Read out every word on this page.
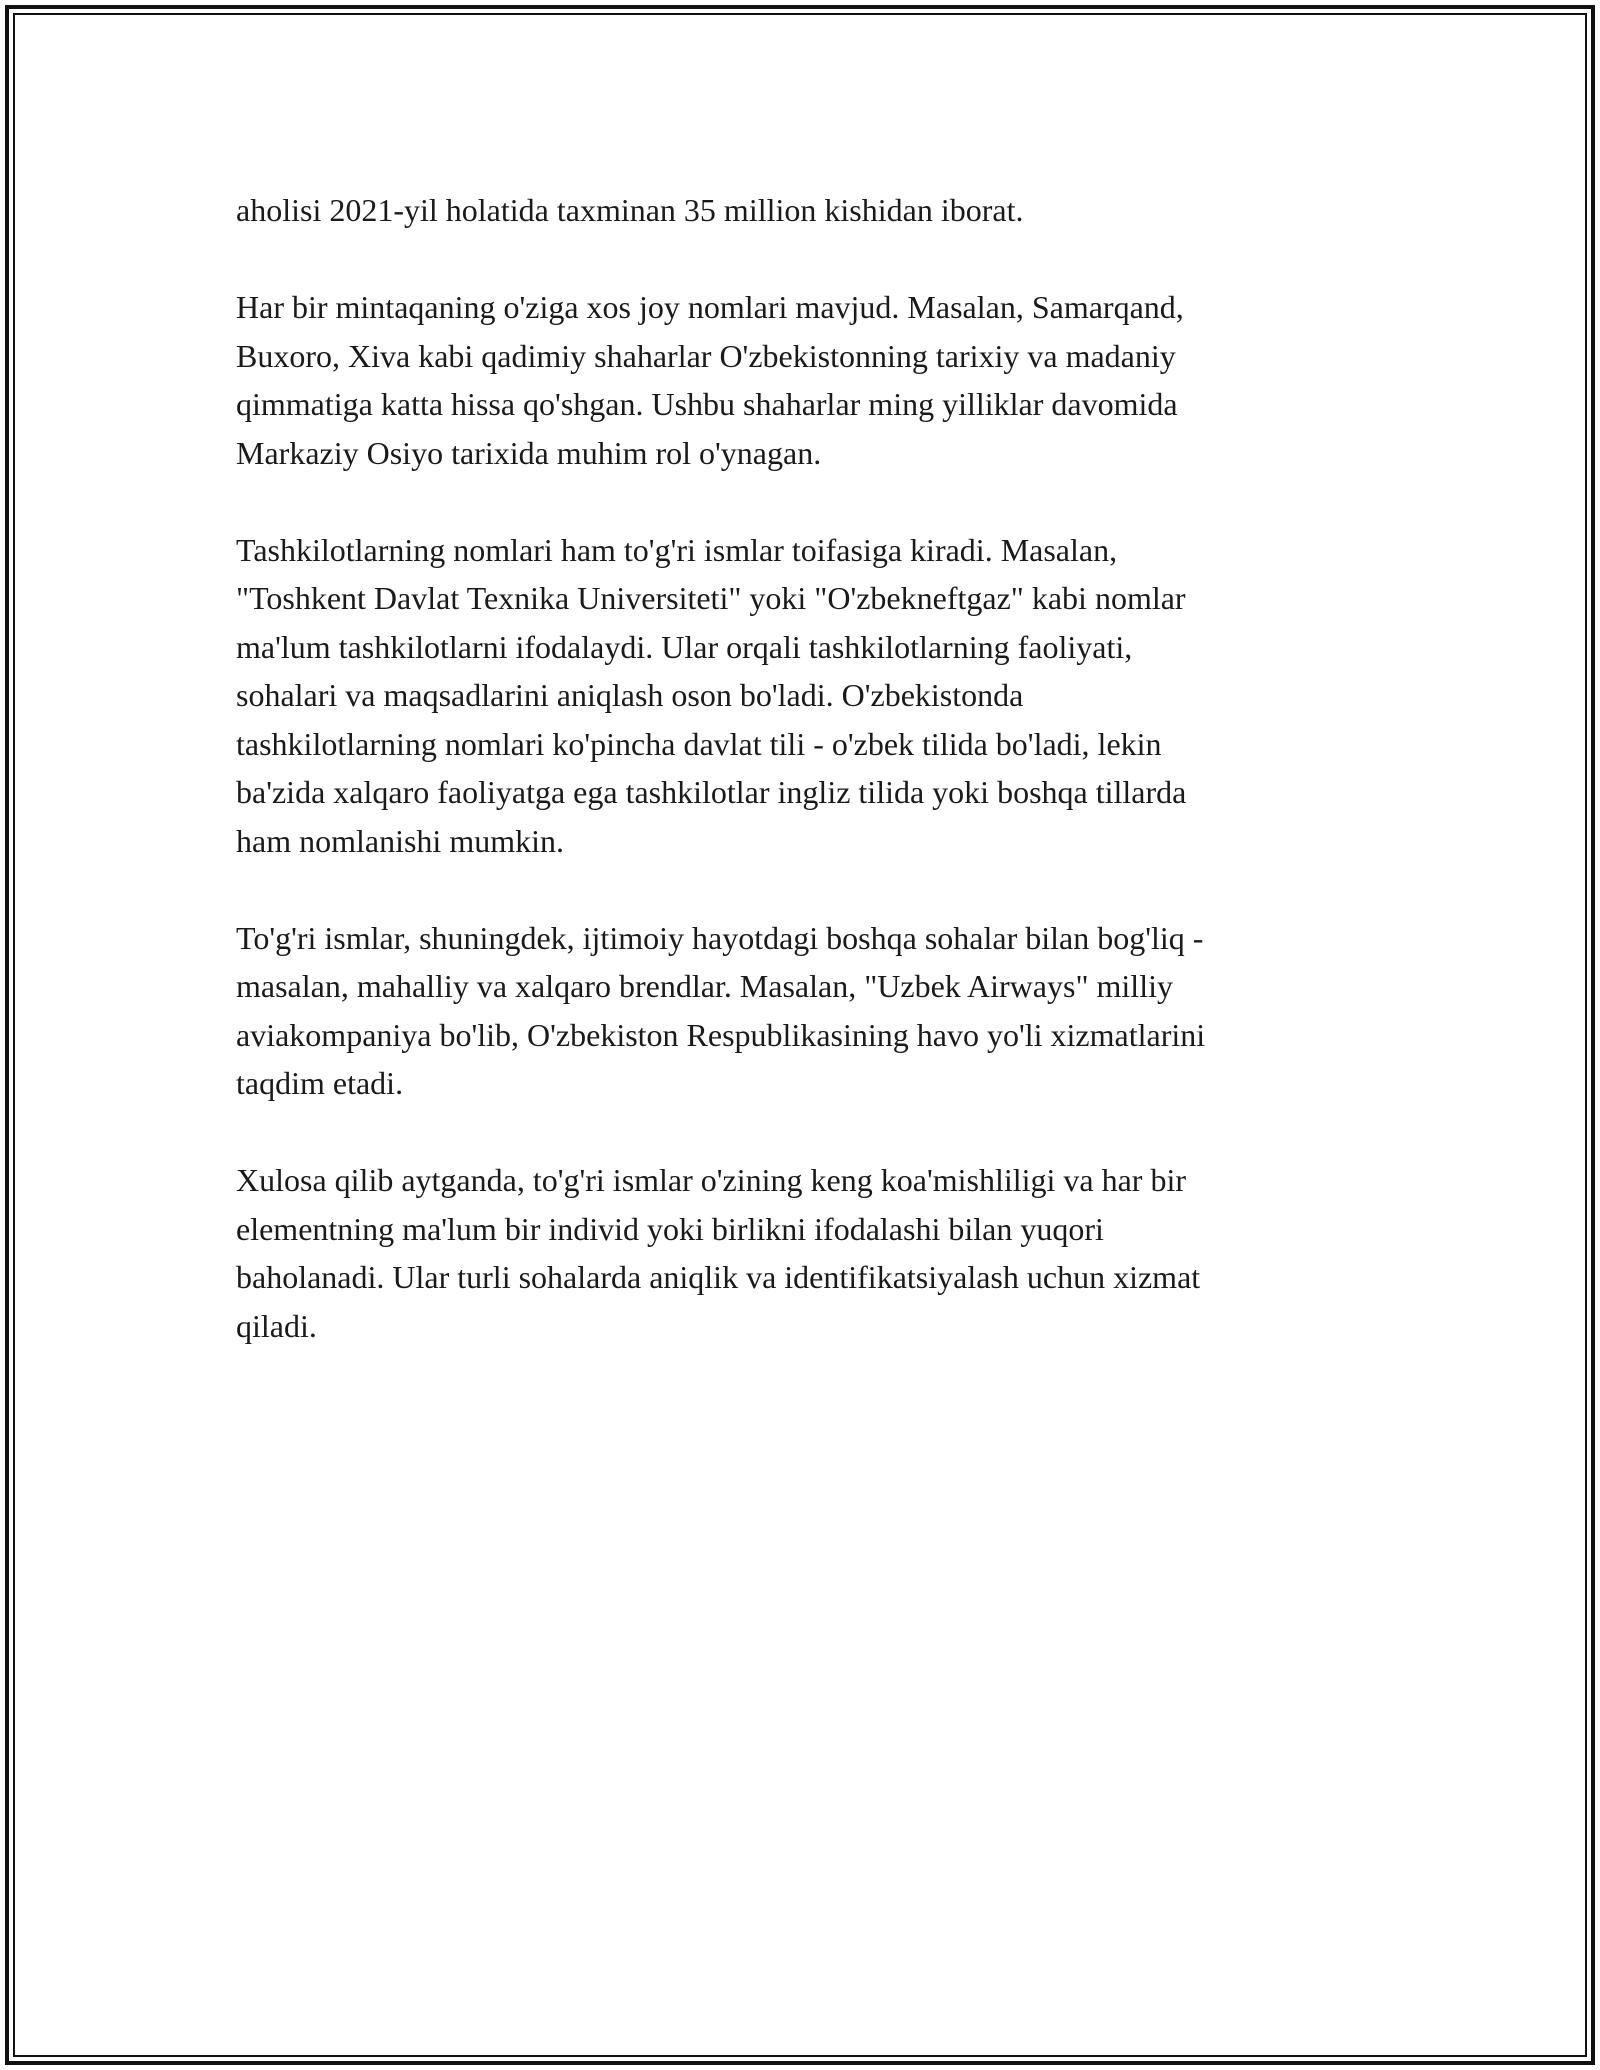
aholisi 2021-yil holatida taxminan 35 million kishidan iborat.

Har bir mintaqaning o'ziga xos joy nomlari mavjud. Masalan, Samarqand,
Buxoro, Xiva kabi qadimiy shaharlar O'zbekistonning tarixiy va madaniy
qimmatiga katta hissa qo'shgan. Ushbu shaharlar ming yilliklar davomida
Markaziy Osiyo tarixida muhim rol o'ynagan.

Tashkilotlarning nomlari ham to'g'ri ismlar toifasiga kiradi. Masalan,
"Toshkent Davlat Texnika Universiteti" yoki "O'zbekneftgaz" kabi nomlar
ma'lum tashkilotlarni ifodalaydi. Ular orqali tashkilotlarning faoliyati,
sohalari va maqsadlarini aniqlash oson bo'ladi. O'zbekistonda
tashkilotlarning nomlari ko'pincha davlat tili - o'zbek tilida bo'ladi, lekin
ba'zida xalqaro faoliyatga ega tashkilotlar ingliz tilida yoki boshqa tillarda
ham nomlanishi mumkin.

To'g'ri ismlar, shuningdek, ijtimoiy hayotdagi boshqa sohalar bilan bog'liq -
masalan, mahalliy va xalqaro brendlar. Masalan, "Uzbek Airways" milliy
aviakompaniya bo'lib, O'zbekiston Respublikasining havo yo'li xizmatlarini
taqdim etadi.

Xulosa qilib aytganda, to'g'ri ismlar o'zining keng koa'mishliligi va har bir
elementning ma'lum bir individ yoki birlikni ifodalashi bilan yuqori
baholanadi. Ular turli sohalarda aniqlik va identifikatsiyalash uchun xizmat
qiladi.
